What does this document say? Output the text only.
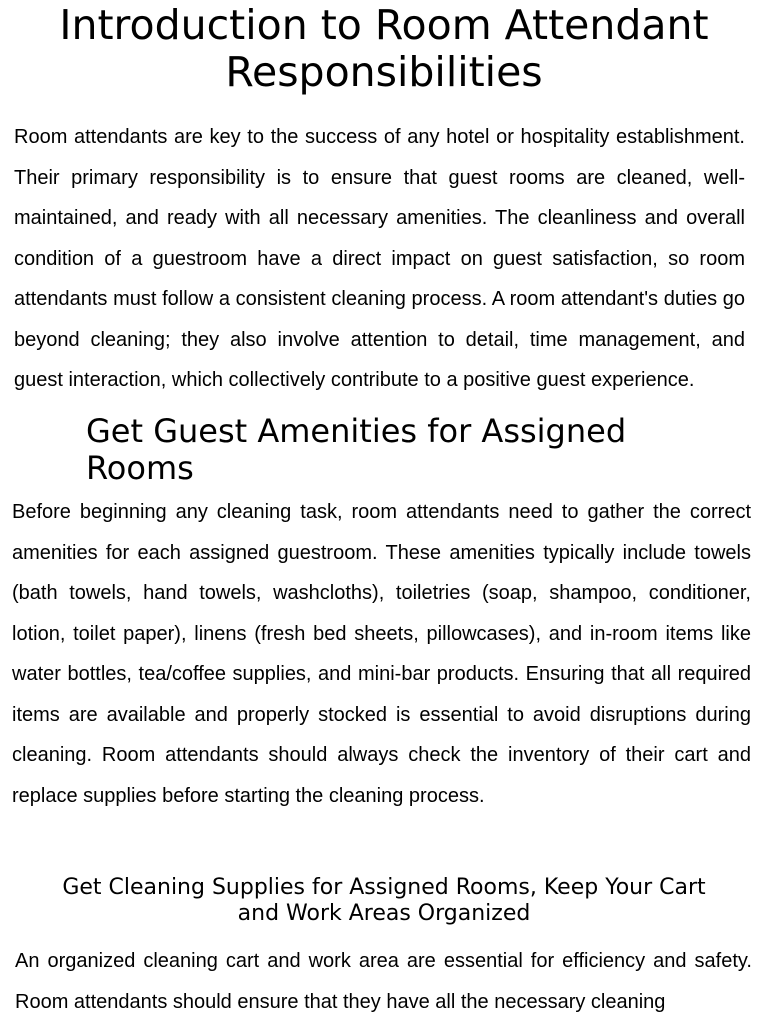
Introduction to Room Attendant Responsibilities

Room attendants are key to the success of any hotel or hospitality establishment. Their primary responsibility is to ensure that guest rooms are cleaned, well-maintained, and ready with all necessary amenities. The cleanliness and overall condition of a guestroom have a direct impact on guest satisfaction, so room attendants must follow a consistent cleaning process. A room attendant's duties go beyond cleaning; they also involve attention to detail, time management, and guest interaction, which collectively contribute to a positive guest experience.

Get Guest Amenities for Assigned Rooms

Before beginning any cleaning task, room attendants need to gather the correct amenities for each assigned guestroom. These amenities typically include towels (bath towels, hand towels, washcloths), toiletries (soap, shampoo, conditioner, lotion, toilet paper), linens (fresh bed sheets, pillowcases), and in-room items like water bottles, tea/coffee supplies, and mini-bar products. Ensuring that all required items are available and properly stocked is essential to avoid disruptions during cleaning. Room attendants should always check the inventory of their cart and replace supplies before starting the cleaning process.

Get Cleaning Supplies for Assigned Rooms, Keep Your Cart and Work Areas Organized

An organized cleaning cart and work area are essential for efficiency and safety. Room attendants should ensure that they have all the necessary cleaning
